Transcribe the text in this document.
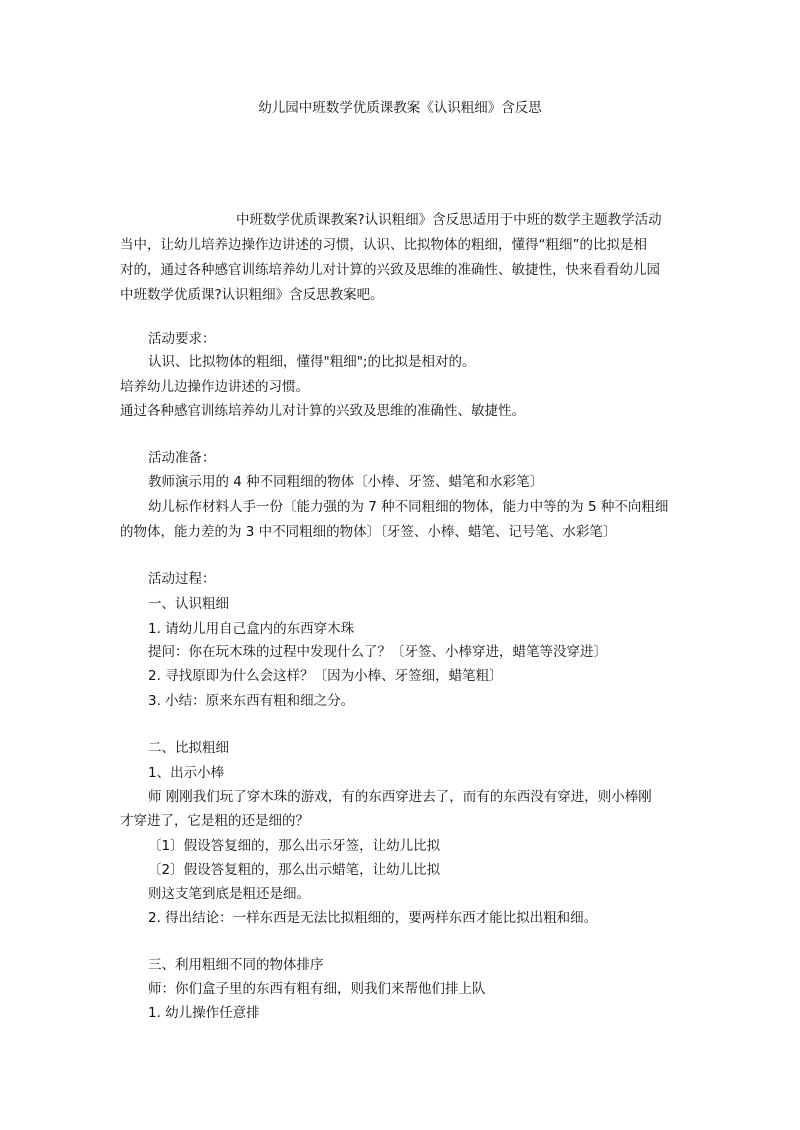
幼儿园中班数学优质课教案《认识粗细》含反思
中班数学优质课教案?认识粗细》含反思适用于中班的数学主题教学活动
当中，让幼儿培养边操作边讲述的习惯，认识、比拟物体的粗细，懂得“粗细”的比拟是相
对的，通过各种感官训练培养幼儿对计算的兴致及思维的准确性、敏捷性，快来看看幼儿园
中班数学优质课?认识粗细》含反思教案吧。
活动要求：
认识、比拟物体的粗细，懂得"粗细";的比拟是相对的。
培养幼儿边操作边讲述的习惯。
通过各种感官训练培养幼儿对计算的兴致及思维的准确性、敏捷性。
活动准备：
教师演示用的 4 种不同粗细的物体〔小棒、牙签、蜡笔和水彩笔〕
幼儿标作材料人手一份〔能力强的为 7 种不同粗细的物体，能力中等的为 5 种不向粗细
的物体，能力差的为 3 中不同粗细的物体〕〔牙签、小棒、蜡笔、记号笔、水彩笔〕
活动过程：
一、认识粗细
1. 请幼儿用自己盒内的东西穿木珠
提问：你在玩木珠的过程中发现什么了？〔牙签、小棒穿进，蜡笔等没穿进〕
2. 寻找原即为什么会这样？〔因为小棒、牙签细，蜡笔粗〕
3. 小结：原来东西有粗和细之分。
二、比拟粗细
1、出示小棒
师 刚刚我们玩了穿木珠的游戏，有的东西穿进去了，而有的东西没有穿进，则小棒刚
才穿进了，它是粗的还是细的？
〔1〕假设答复细的，那么出示牙签，让幼儿比拟
〔2〕假设答复粗的，那么出示蜡笔，让幼儿比拟
则这支笔到底是粗还是细。
2. 得出结论：一样东西是无法比拟粗细的，要两样东西才能比拟出粗和细。
三、利用粗细不同的物体排序
师：你们盒子里的东西有粗有细，则我们来帮他们排上队
1. 幼儿操作任意排
